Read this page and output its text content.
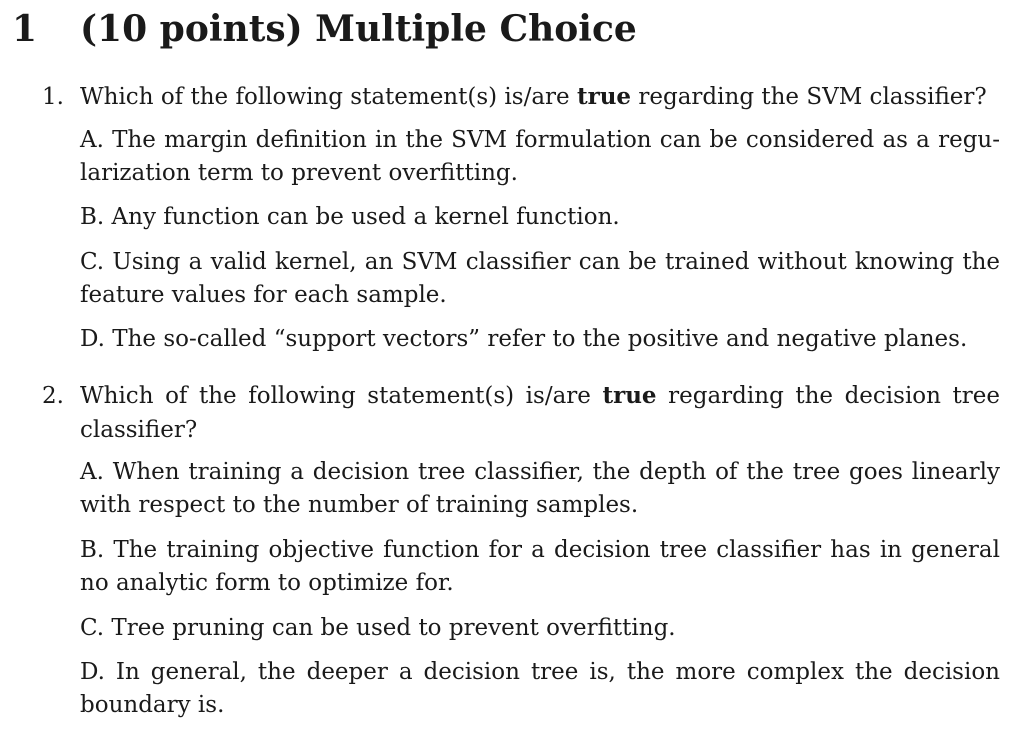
1 (10 points) Multiple Choice
1. Which of the following statement(s) is/are true regarding the SVM classifier?
A. The margin definition in the SVM formulation can be considered as a regu-larization term to prevent overfitting.
B. Any function can be used a kernel function.
C. Using a valid kernel, an SVM classifier can be trained without knowing the feature values for each sample.
D. The so-called “support vectors” refer to the positive and negative planes.
2. Which of the following statement(s) is/are true regarding the decision tree classifier?
A. When training a decision tree classifier, the depth of the tree goes linearly with respect to the number of training samples.
B. The training objective function for a decision tree classifier has in general no analytic form to optimize for.
C. Tree pruning can be used to prevent overfitting.
D. In general, the deeper a decision tree is, the more complex the decision boundary is.
